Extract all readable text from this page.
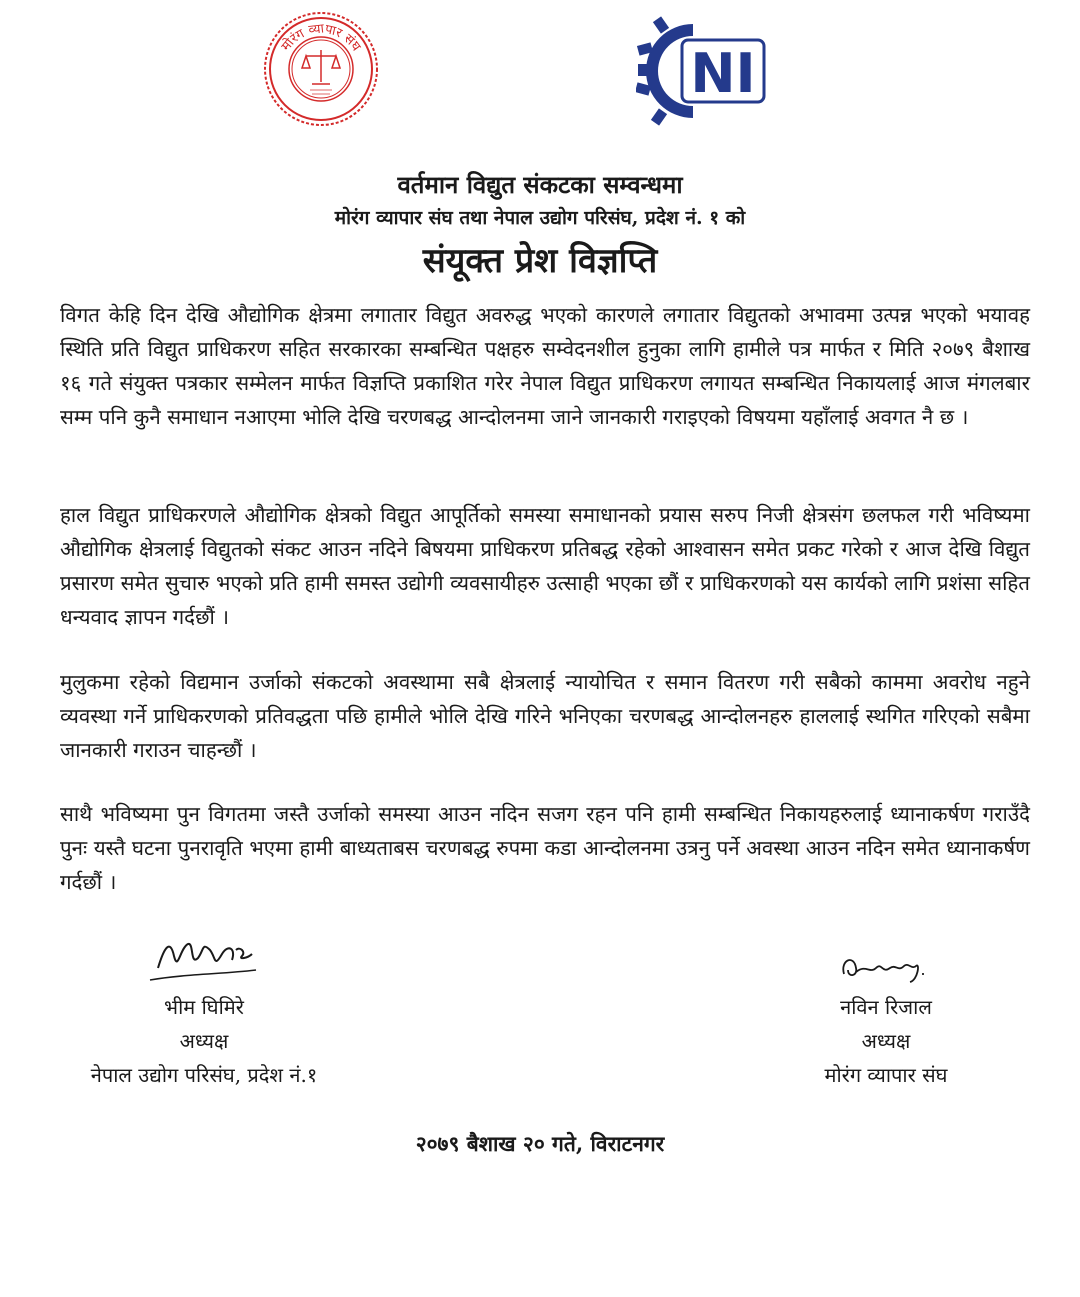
मोरंग व्यापार संघ	NI
वर्तमान विद्युत संकटका सम्वन्धमा
मोरंग व्यापार संघ तथा नेपाल उद्योग परिसंघ, प्रदेश नं. १ को
संयूक्त प्रेश विज्ञप्ति
विगत केहि दिन देखि औद्योगिक क्षेत्रमा लगातार विद्युत अवरुद्ध भएको कारणले लगातार विद्युतको अभावमा उत्पन्न भएको भयावह स्थिति प्रति विद्युत प्राधिकरण सहित सरकारका सम्बन्धित पक्षहरु सम्वेदनशील हुनुका लागि हामीले पत्र मार्फत र मिति २०७९ बैशाख १६ गते संयुक्त पत्रकार सम्मेलन मार्फत विज्ञप्ति प्रकाशित गरेर नेपाल विद्युत प्राधिकरण लगायत सम्बन्धित निकायलाई आज मंगलबार सम्म पनि कुनै समाधान नआएमा भोलि देखि चरणबद्ध आन्दोलनमा जाने जानकारी गराइएको विषयमा यहाँलाई अवगत नै छ ।
हाल विद्युत प्राधिकरणले औद्योगिक क्षेत्रको विद्युत आपूर्तिको समस्या समाधानको प्रयास सरुप निजी क्षेत्रसंग छलफल गरी भविष्यमा औद्योगिक क्षेत्रलाई विद्युतको संकट आउन नदिने बिषयमा प्राधिकरण प्रतिबद्ध रहेको आश्वासन समेत प्रकट गरेको र आज देखि विद्युत प्रसारण समेत सुचारु भएको प्रति हामी समस्त उद्योगी व्यवसायीहरु उत्साही भएका छौं र प्राधिकरणको यस कार्यको लागि प्रशंसा सहित धन्यवाद ज्ञापन गर्दछौं ।
मुलुकमा रहेको विद्यमान उर्जाको संकटको अवस्थामा सबै क्षेत्रलाई न्यायोचित र समान वितरण गरी सबैको काममा अवरोध नहुने व्यवस्था गर्ने प्राधिकरणको प्रतिवद्धता पछि हामीले भोलि देखि गरिने भनिएका चरणबद्ध आन्दोलनहरु हाललाई स्थगित गरिएको सबैमा जानकारी गराउन चाहन्छौं ।
साथै भविष्यमा पुन विगतमा जस्तै उर्जाको समस्या आउन नदिन सजग रहन पनि हामी सम्बन्धित निकायहरुलाई ध्यानाकर्षण गराउँदै पुनः यस्तै घटना पुनरावृति भएमा हामी बाध्यताबस चरणबद्ध रुपमा कडा आन्दोलनमा उत्रनु पर्ने अवस्था आउन नदिन समेत ध्यानाकर्षण गर्दछौं ।
भीम घिमिरे
अध्यक्ष
नेपाल उद्योग परिसंघ, प्रदेश नं.१
नविन रिजाल
अध्यक्ष
मोरंग व्यापार संघ
२०७९ बैशाख २० गते, विराटनगर
